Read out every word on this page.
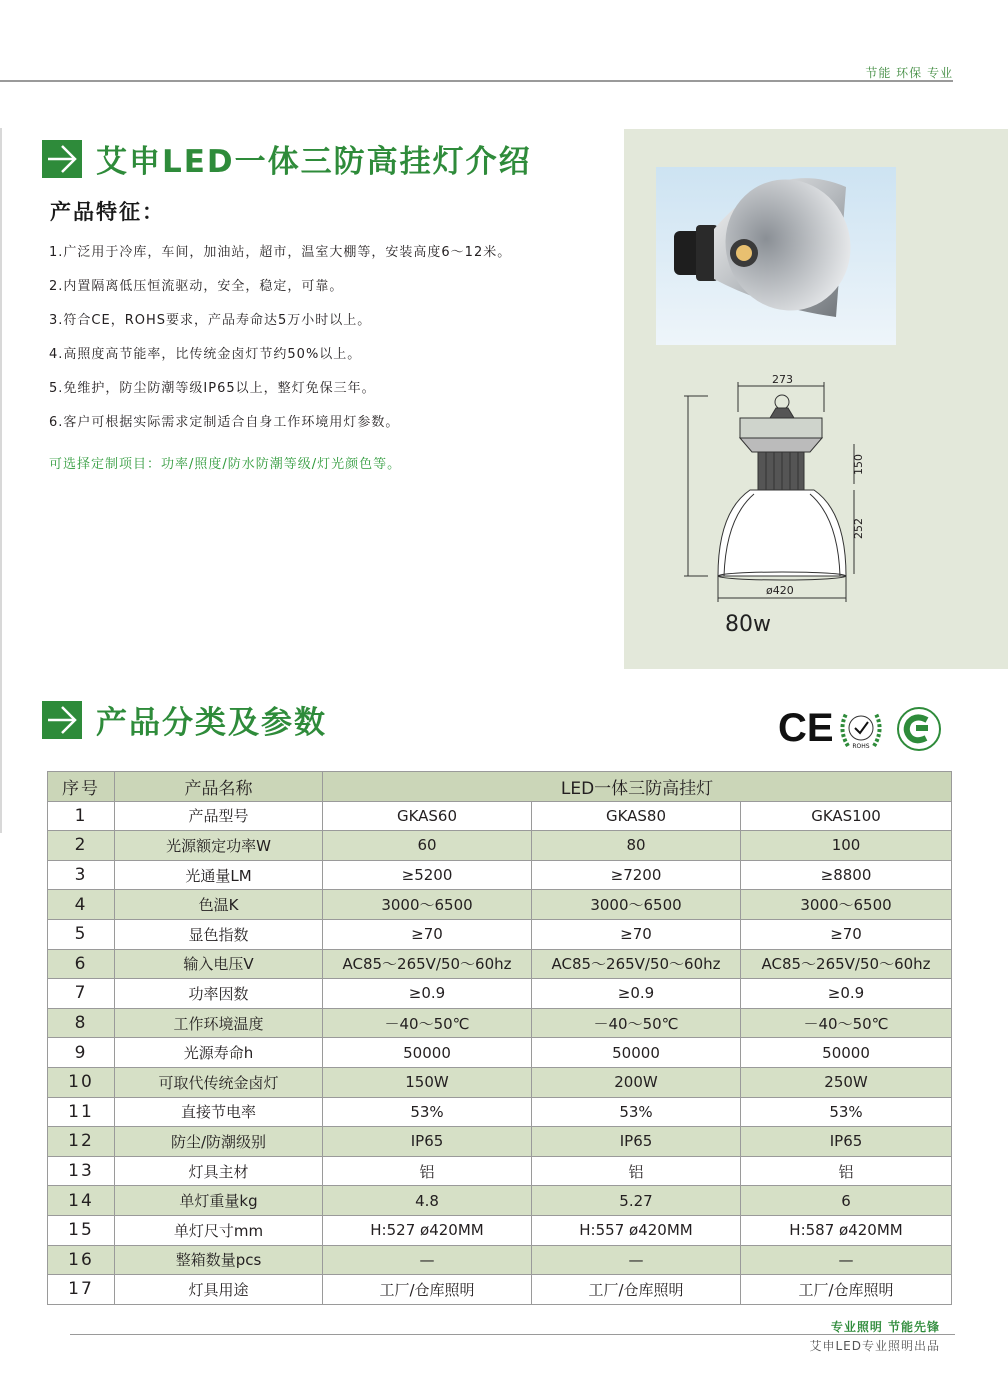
节能 环保 专业
艾申LED一体三防高挂灯介绍
产品特征：
1.广泛用于冷库，车间，加油站，超市，温室大棚等，安装高度6～12米。
2.内置隔离低压恒流驱动，安全，稳定，可靠。
3.符合CE，ROHS要求，产品寿命达5万小时以上。
4.高照度高节能率，比传统金卤灯节约50%以上。
5.免维护，防尘防潮等级IP65以上，整灯免保三年。
6.客户可根据实际需求定制适合自身工作环境用灯参数。
可选择定制项目：功率/照度/防水防潮等级/灯光颜色等。
273
150
252
ø420
80w
产品分类及参数	CE	ROHS
序号	产品名称	LED一体三防高挂灯		
1	产品型号	GKAS60	GKAS80	GKAS100
2	光源额定功率W	60	80	100
3	光通量LM	≥5200	≥7200	≥8800
4	色温K	3000～6500	3000～6500	3000～6500
5	显色指数	≥70	≥70	≥70
6	输入电压V	AC85～265V/50～60hz	AC85～265V/50～60hz	AC85～265V/50～60hz
7	功率因数	≥0.9	≥0.9	≥0.9
8	工作环境温度	－40～50℃	－40～50℃	－40～50℃
9	光源寿命h	50000	50000	50000
10	可取代传统金卤灯	150W	200W	250W
11	直接节电率	53%	53%	53%
12	防尘/防潮级别	IP65	IP65	IP65
13	灯具主材	铝	铝	铝
14	单灯重量kg	4.8	5.27	6
15	单灯尺寸mm	H:527 ø420MM	H:557 ø420MM	H:587 ø420MM
16	整箱数量pcs	—	—	—
17	灯具用途	工厂/仓库照明	工厂/仓库照明	工厂/仓库照明
专业照明 节能先锋
艾申LED专业照明出品
